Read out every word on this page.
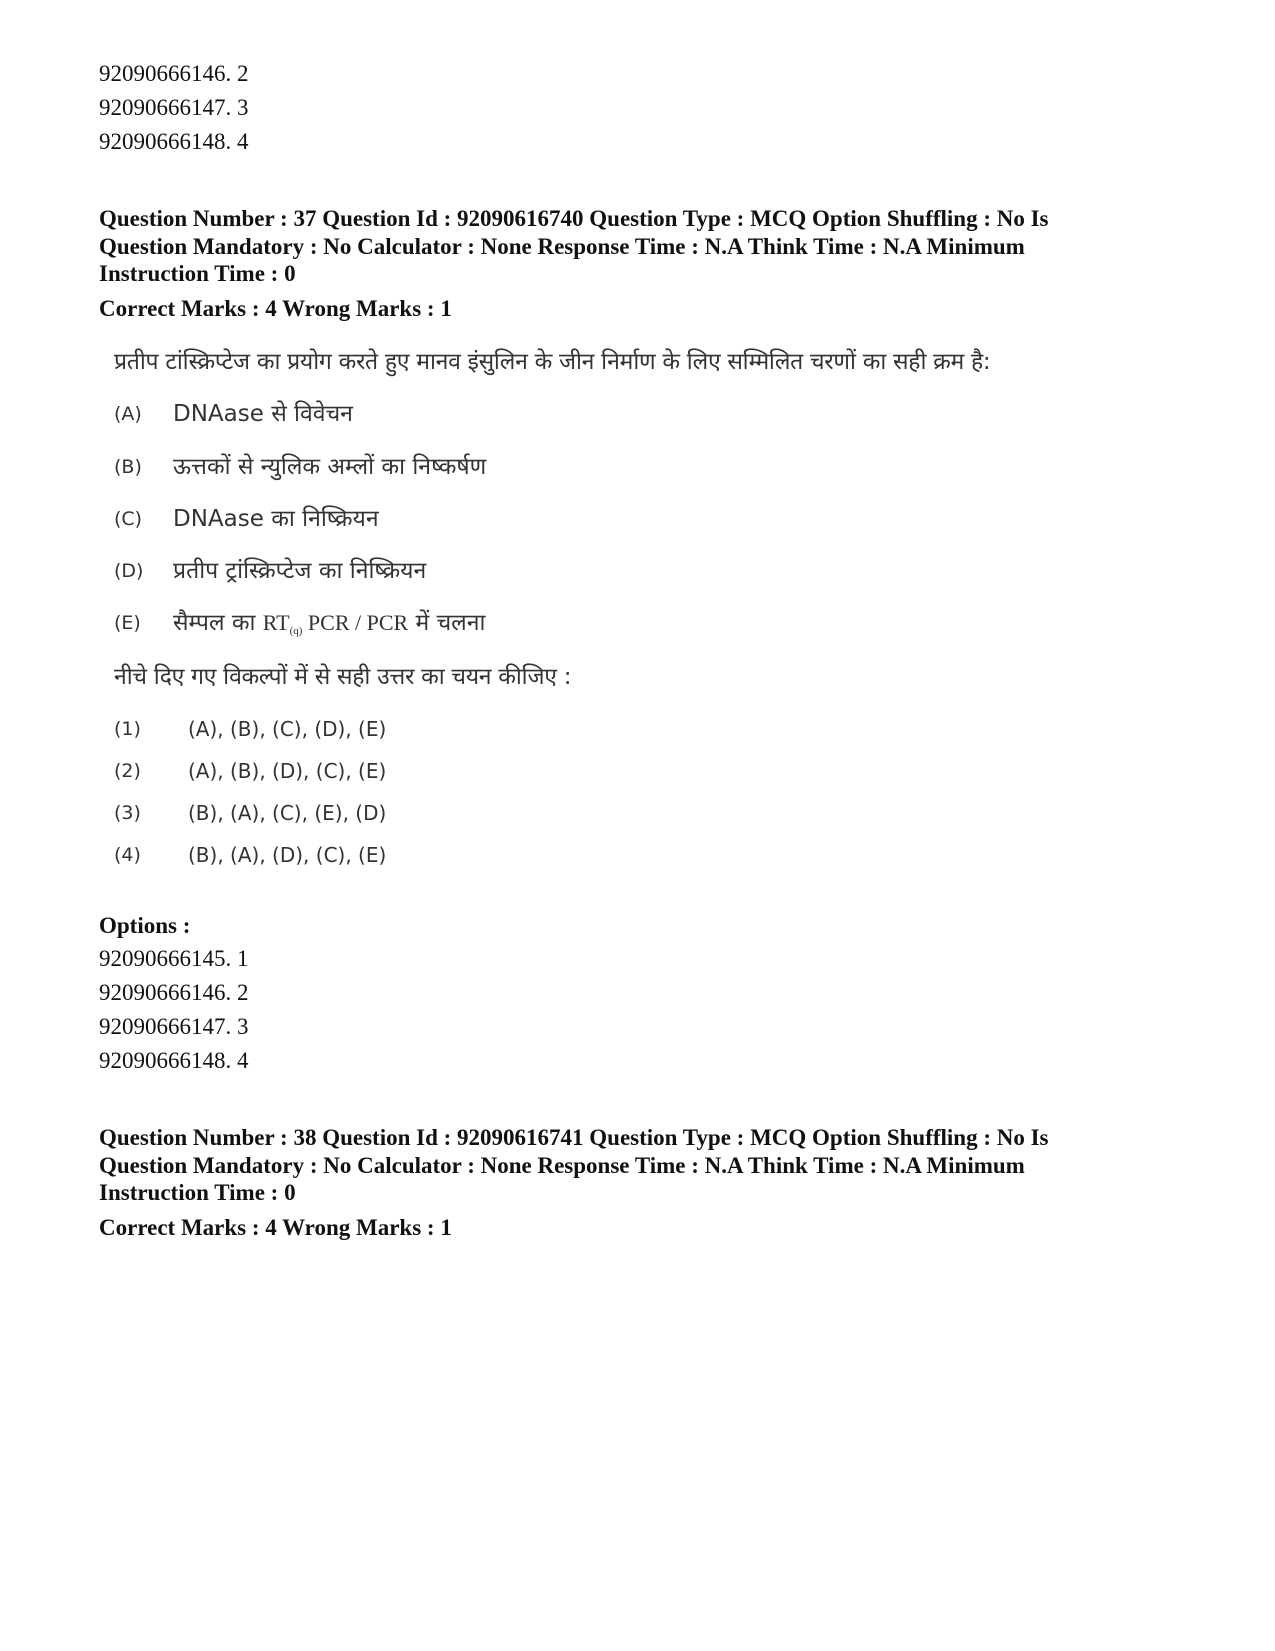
92090666146. 2
92090666147. 3
92090666148. 4
Question Number : 37 Question Id : 92090616740 Question Type : MCQ Option Shuffling : No Is
Question Mandatory : No Calculator : None Response Time : N.A Think Time : N.A Minimum
Instruction Time : 0
Correct Marks : 4 Wrong Marks : 1
प्रतीप टांस्क्रिप्टेज का प्रयोग करते हुए मानव इंसुलिन के जीन निर्माण के लिए सम्मिलित चरणों का सही क्रम है:
(A)	DNAase से विवेचन
(B)	ऊत्तकों से न्युलिक अम्लों का निष्कर्षण
(C)	DNAase का निष्क्रियन
(D)	प्रतीप ट्रांस्क्रिप्टेज का निष्क्रियन
(E)	सैम्पल का $RT_{(q)}$ PCR / PCR में चलना
नीचे दिए गए विकल्पों में से सही उत्तर का चयन कीजिए :
(1)	(A), (B), (C), (D), (E)
(2)	(A), (B), (D), (C), (E)
(3)	(B), (A), (C), (E), (D)
(4)	(B), (A), (D), (C), (E)
Options :
92090666145. 1
92090666146. 2
92090666147. 3
92090666148. 4
Question Number : 38 Question Id : 92090616741 Question Type : MCQ Option Shuffling : No Is
Question Mandatory : No Calculator : None Response Time : N.A Think Time : N.A Minimum
Instruction Time : 0
Correct Marks : 4 Wrong Marks : 1
